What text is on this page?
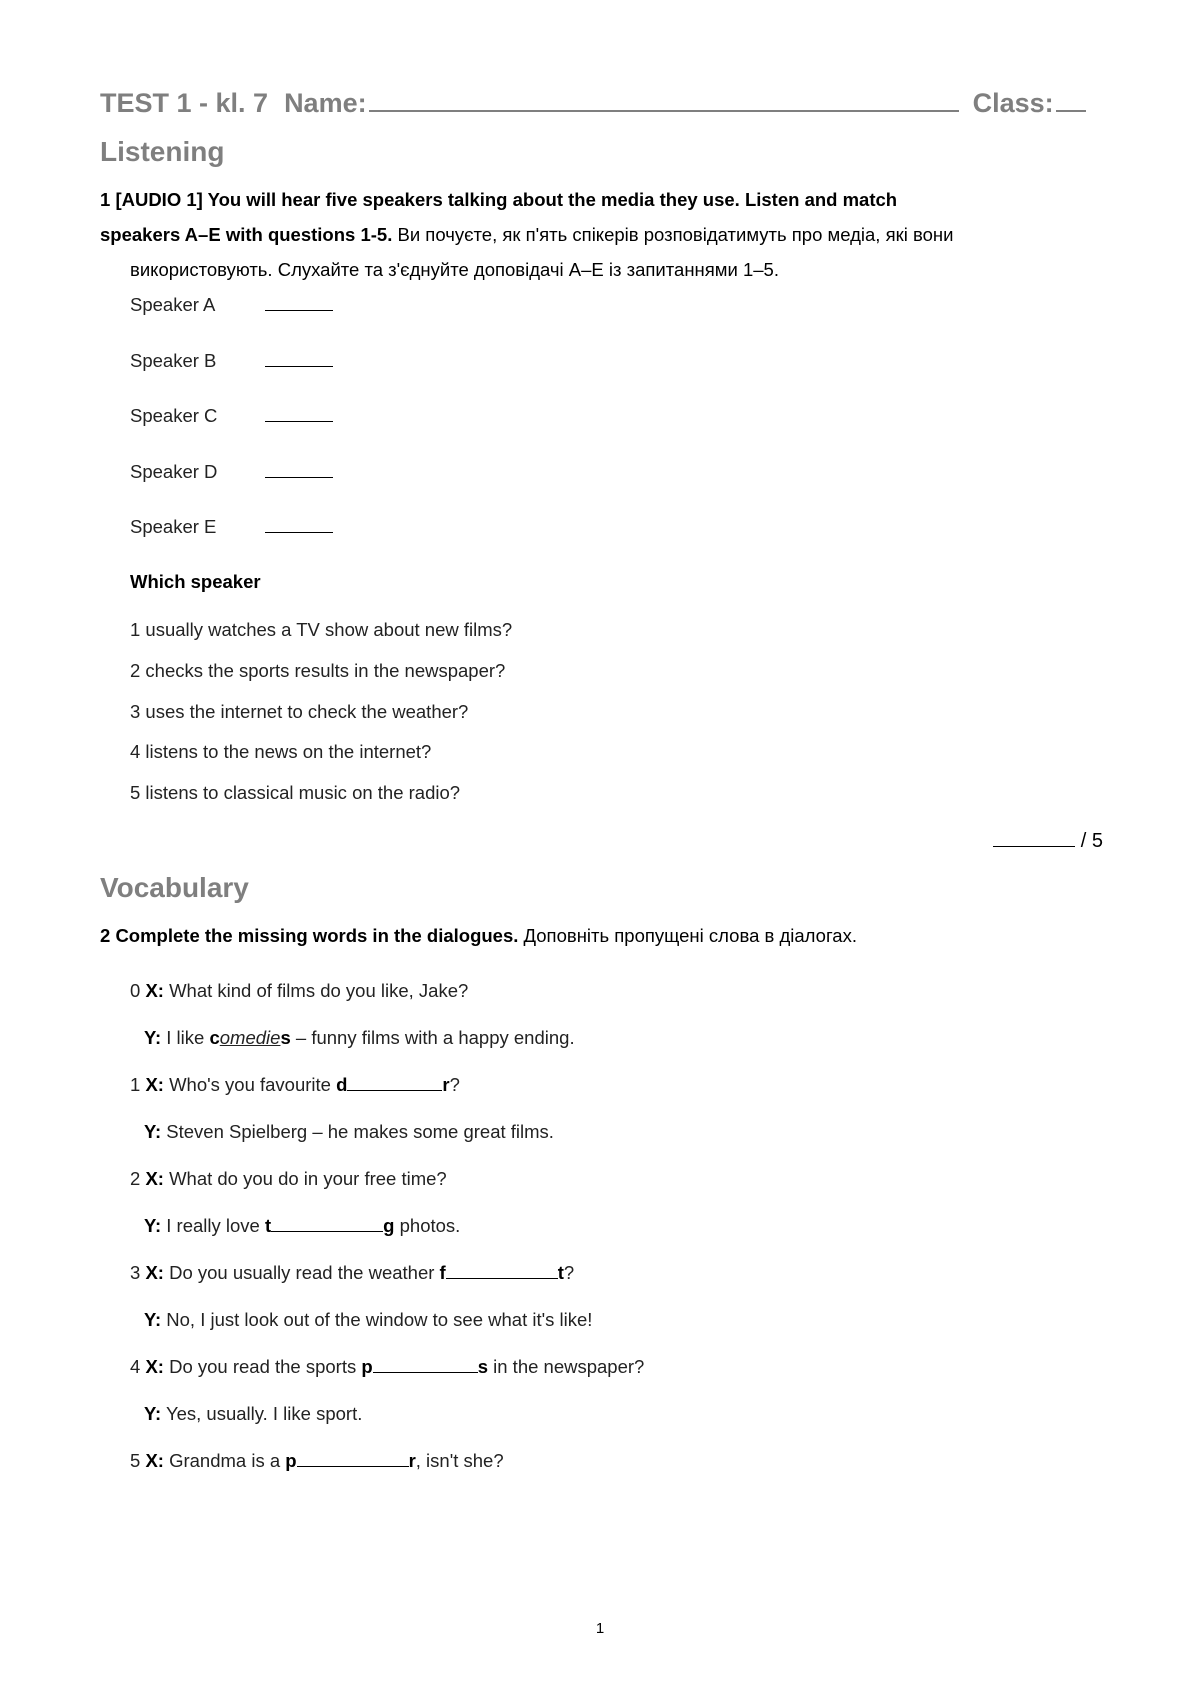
TEST 1 - kl. 7 Name:	Class:
Listening
1 [AUDIO 1] You will hear five speakers talking about the media they use. Listen and match
speakers A–E with questions 1-5. Ви почуєте, як п'ять спікерів розповідатимуть про медіа, які вони
використовують. Слухайте та з'єднуйте доповідачі A–E із запитаннями 1–5.
Speaker A
Speaker B
Speaker C
Speaker D
Speaker E
Which speaker
1 usually watches a TV show about new films?
2 checks the sports results in the newspaper?
3 uses the internet to check the weather?
4 listens to the news on the internet?
5 listens to classical music on the radio?
/ 5
Vocabulary
2 Complete the missing words in the dialogues. Доповніть пропущені слова в діалогах.
0 X: What kind of films do you like, Jake?
Y: I like comedies – funny films with a happy ending.
1 X: Who's you favourite d	r?
Y: Steven Spielberg – he makes some great films.
2 X: What do you do in your free time?
Y: I really love t	g photos.
3 X: Do you usually read the weather f	t?
Y: No, I just look out of the window to see what it's like!
4 X: Do you read the sports p	s in the newspaper?
Y: Yes, usually. I like sport.
5 X: Grandma is a p	r, isn't she?
1
